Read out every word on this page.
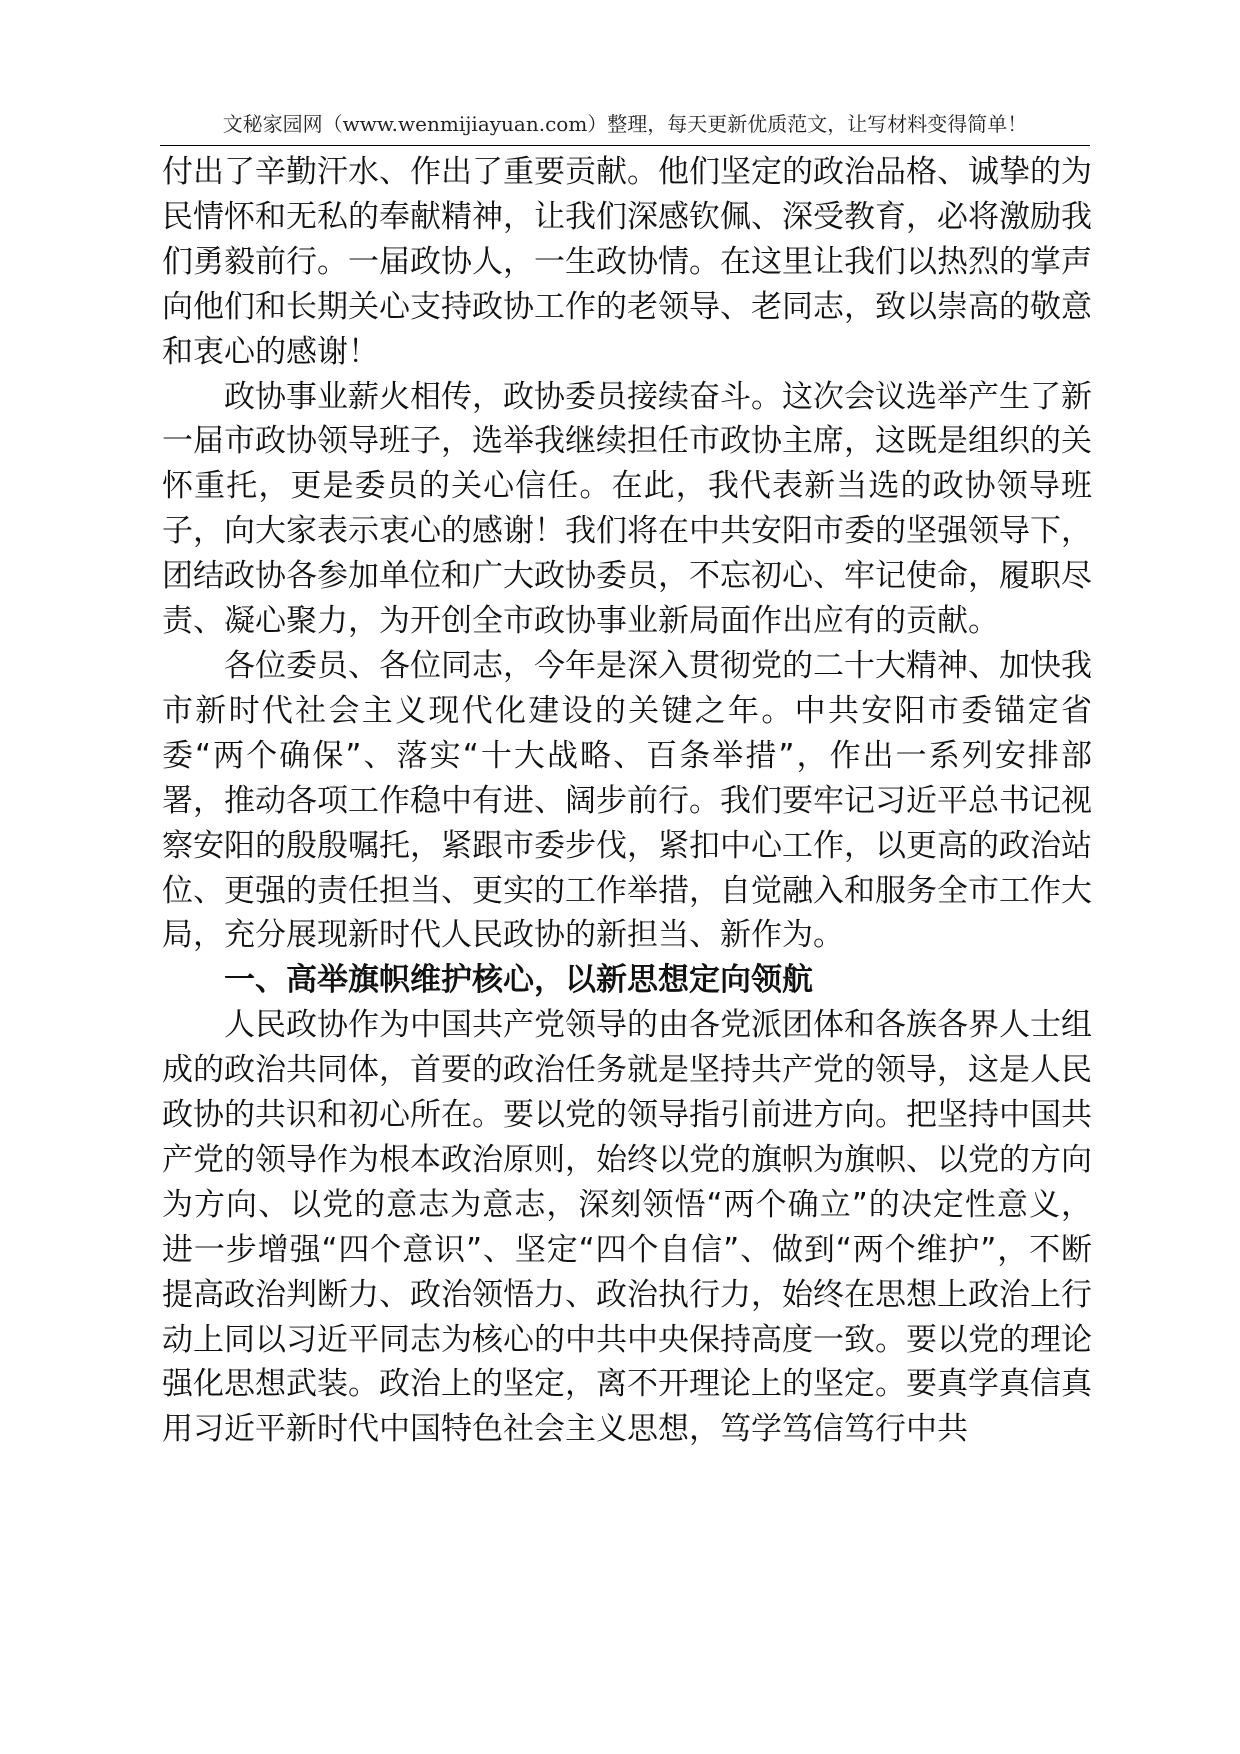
文秘家园网（www.wenmijiayuan.com）整理，每天更新优质范文，让写材料变得简单！

付出了辛勤汗水、作出了重要贡献。他们坚定的政治品格、诚挚的为民情怀和无私的奉献精神，让我们深感钦佩、深受教育，必将激励我们勇毅前行。一届政协人，一生政协情。在这里让我们以热烈的掌声向他们和长期关心支持政协工作的老领导、老同志，致以崇高的敬意和衷心的感谢！

政协事业薪火相传，政协委员接续奋斗。这次会议选举产生了新一届市政协领导班子，选举我继续担任市政协主席，这既是组织的关怀重托，更是委员的关心信任。在此，我代表新当选的政协领导班子，向大家表示衷心的感谢！我们将在中共安阳市委的坚强领导下，团结政协各参加单位和广大政协委员，不忘初心、牢记使命，履职尽责、凝心聚力，为开创全市政协事业新局面作出应有的贡献。

各位委员、各位同志，今年是深入贯彻党的二十大精神、加快我市新时代社会主义现代化建设的关键之年。中共安阳市委锚定省委“两个确保”、落实“十大战略、百条举措”，作出一系列安排部署，推动各项工作稳中有进、阔步前行。我们要牢记习近平总书记视察安阳的殷殷嘱托，紧跟市委步伐，紧扣中心工作，以更高的政治站位、更强的责任担当、更实的工作举措，自觉融入和服务全市工作大局，充分展现新时代人民政协的新担当、新作为。

一、高举旗帜维护核心，以新思想定向领航

人民政协作为中国共产党领导的由各党派团体和各族各界人士组成的政治共同体，首要的政治任务就是坚持共产党的领导，这是人民政协的共识和初心所在。要以党的领导指引前进方向。把坚持中国共产党的领导作为根本政治原则，始终以党的旗帜为旗帜、以党的方向为方向、以党的意志为意志，深刻领悟“两个确立”的决定性意义，进一步增强“四个意识”、坚定“四个自信”、做到“两个维护”，不断提高政治判断力、政治领悟力、政治执行力，始终在思想上政治上行动上同以习近平同志为核心的中共中央保持高度一致。要以党的理论强化思想武装。政治上的坚定，离不开理论上的坚定。要真学真信真用习近平新时代中国特色社会主义思想，笃学笃信笃行中共
